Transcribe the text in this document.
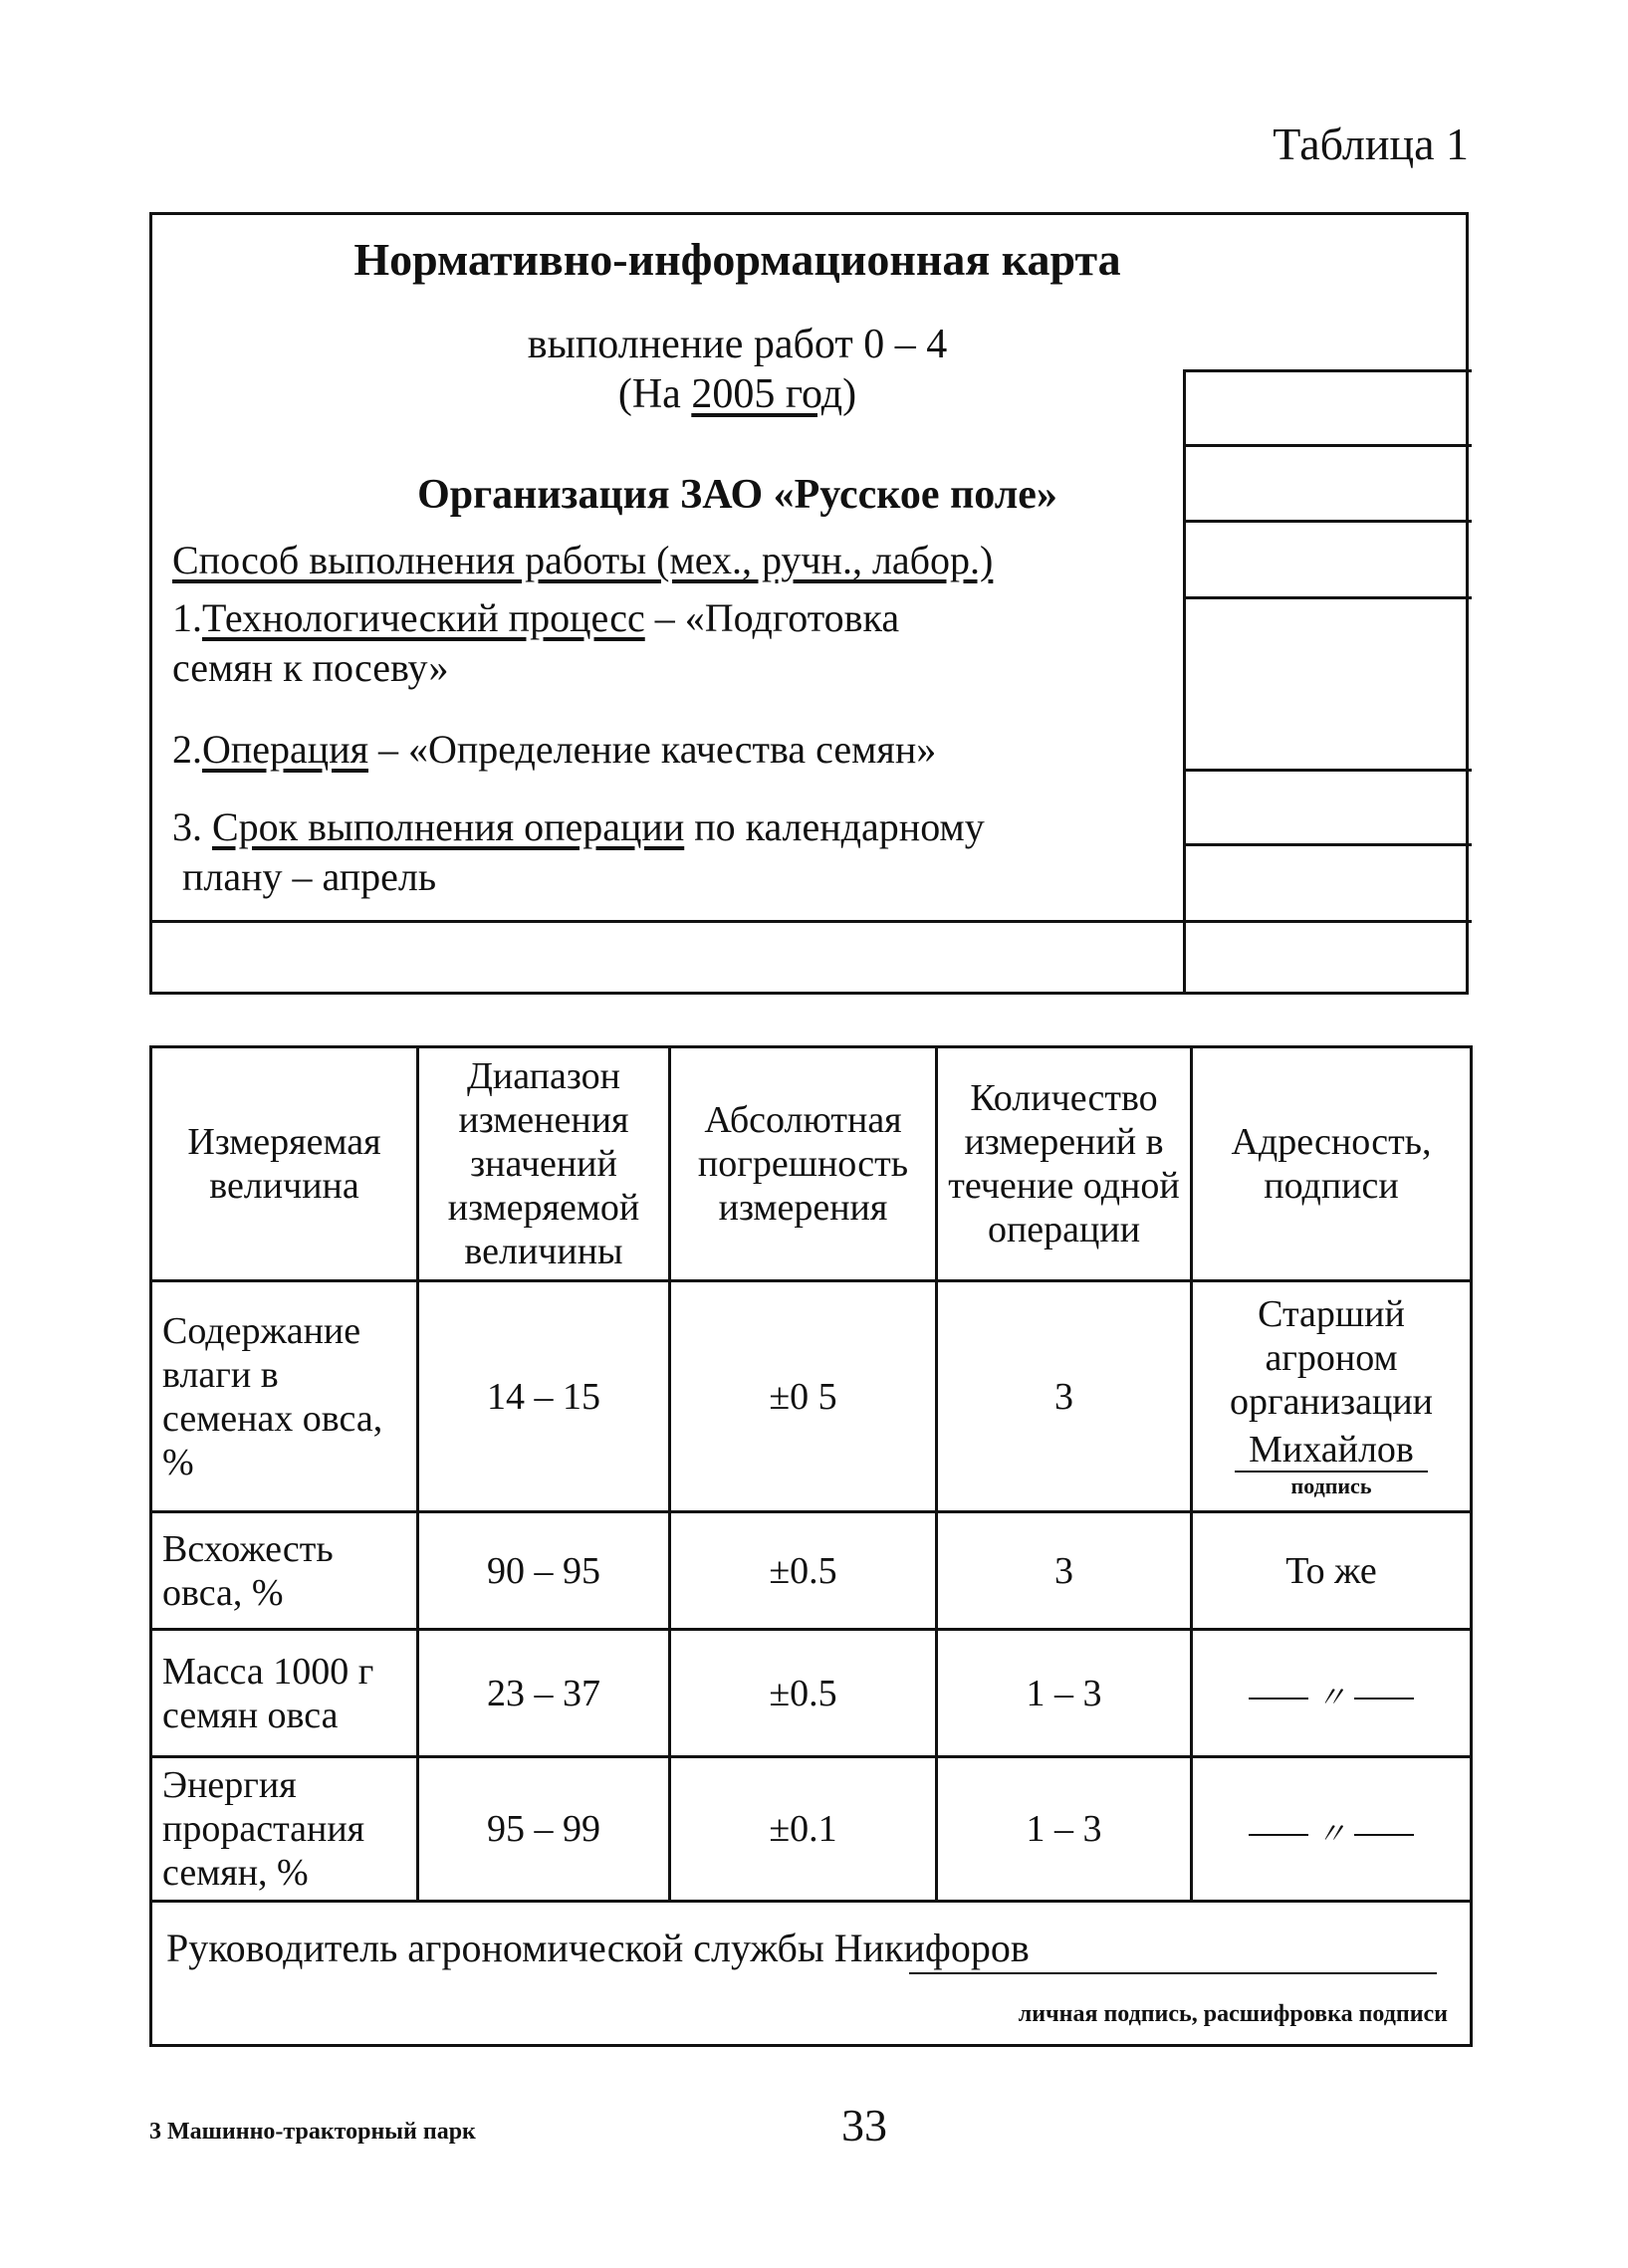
Таблица 1
Нормативно-информационная карта
выполнение работ 0 – 4
(На 2005 год)
Организация ЗАО «Русское поле»
Способ выполнения работы (мех., ручн., лабор.)
1.Технологический процесс – «Подготовка
семян к посеву»
2.Операция – «Определение качества семян»
3. Срок выполнения операции по календарному
плану – апрель
Измеряемая величина	Диапазон изменения значений измеряемой величины	Абсолютная погрешность измерения	Количество измерений в течение одной операции	Адресность, подписи
Содержание влаги в семенах овса, %	14 – 15	±0 5	3	Старший агроном организации
Михайлов
подпись

Всхожесть овса, %	90 – 95	±0.5	3	То же
Масса 1000 г семян овса	23 – 37	±0.5	1 – 3	〃

Энергия прорастания семян, %	95 – 99	±0.1	1 – 3	〃

Руководитель агрономической службы Никифоров
личная подпись, расшифровка подписи				
3 Машинно-тракторный парк	33
